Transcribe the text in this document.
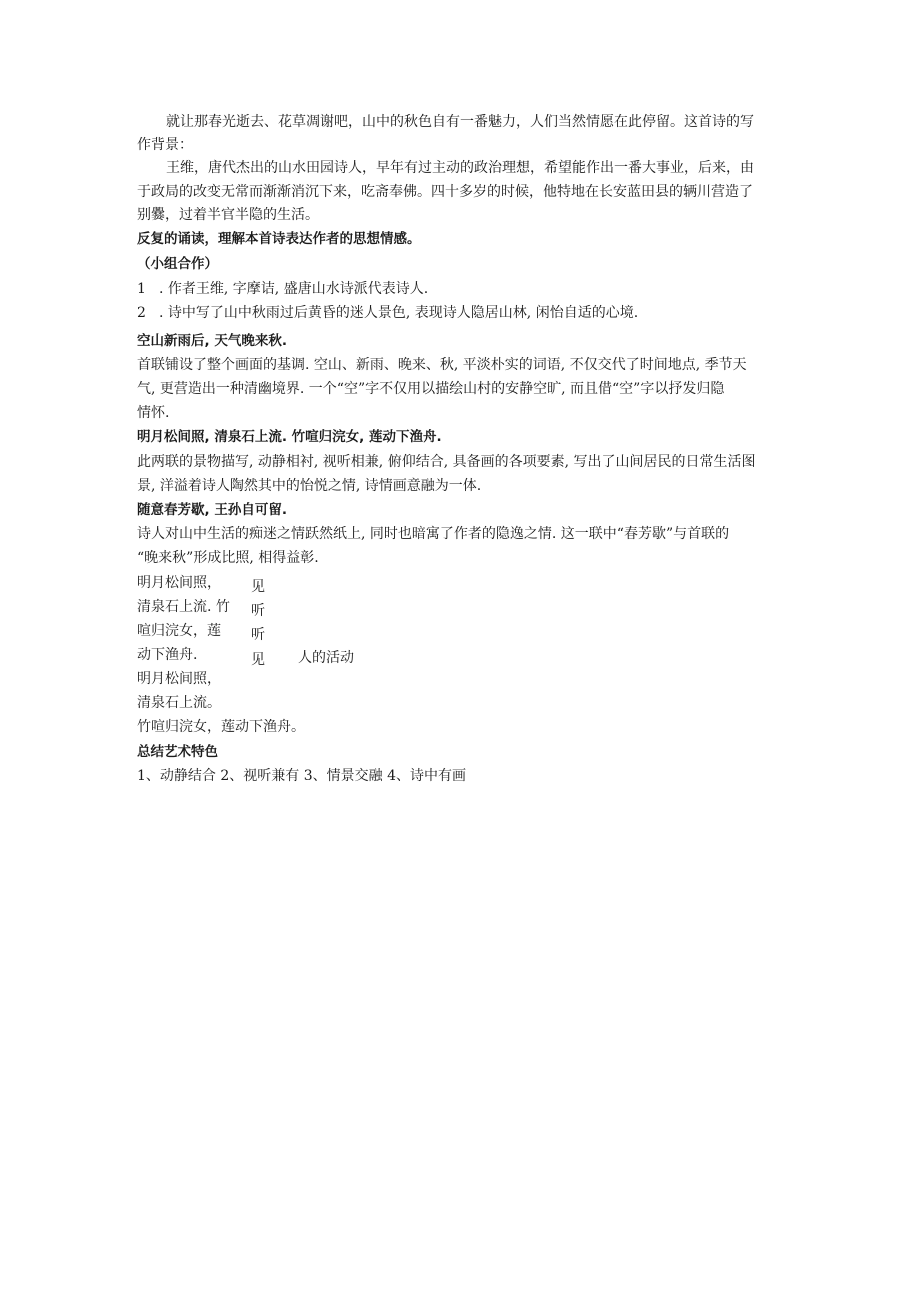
就让那春光逝去、花草凋谢吧，山中的秋色自有一番魅力，人们当然情愿在此停留。这首诗的写
作背景：
王维，唐代杰出的山水田园诗人，早年有过主动的政治理想，希望能作出一番大事业，后来，由
于政局的改变无常而渐渐消沉下来，吃斋奉佛。四十多岁的时候，他特地在长安蓝田县的辆川营造了
别爨，过着半官半隐的生活。
反复的诵读，理解本首诗表达作者的思想情感。
（小组合作）
1 . 作者王维, 字摩诘, 盛唐山水诗派代表诗人.
2 . 诗中写了山中秋雨过后黄昏的迷人景色, 表现诗人隐居山林, 闲怡自适的心境.
空山新雨后, 天气晚来秋.
首联铺设了整个画面的基调. 空山、新雨、晚来、秋, 平淡朴实的词语, 不仅交代了时间地点, 季节天
气, 更营造出一种清幽境界. 一个“空”字不仅用以描绘山村的安静空旷, 而且借“空”字以抒发归隐
情怀.
明月松间照, 清泉石上流. 竹喧归浣女, 莲动下渔舟.
此两联的景物描写, 动静相衬, 视听相兼, 俯仰结合, 具备画的各项要素, 写出了山间居民的日常生活图
景, 洋溢着诗人陶然其中的怡悦之情, 诗情画意融为一体.
随意春芳歇, 王孙自可留.
诗人对山中生活的痴迷之情跃然纸上, 同时也暗寓了作者的隐逸之情. 这一联中“春芳歇”与首联的
“晚来秋”形成比照, 相得益彰.
明月松间照，
清泉石上流. 竹
喧归浣女，莲
动下渔舟.
明月松间照，
清泉石上流。
竹喧归浣女，莲动下渔舟。
见
听
听
见 人的活动
总结艺术特色
1、动静结合 2、视听兼有 3、情景交融 4、诗中有画
